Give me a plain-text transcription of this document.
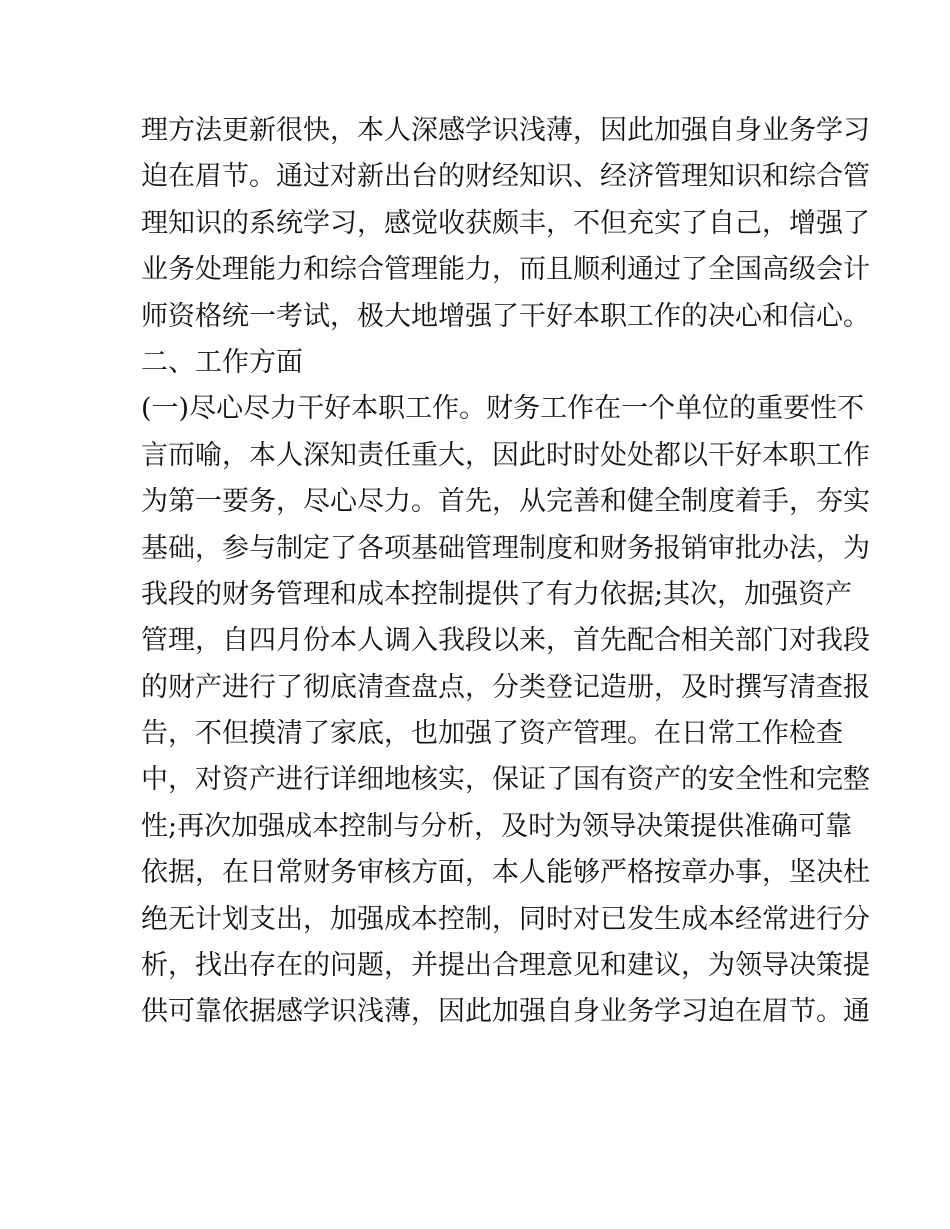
理方法更新很快，本人深感学识浅薄，因此加强自身业务学习
迫在眉节。通过对新出台的财经知识、经济管理知识和综合管
理知识的系统学习，感觉收获颇丰，不但充实了自己，增强了
业务处理能力和综合管理能力，而且顺利通过了全国高级会计
师资格统一考试，极大地增强了干好本职工作的决心和信心。
二、工作方面
(一)尽心尽力干好本职工作。财务工作在一个单位的重要性不
言而喻，本人深知责任重大，因此时时处处都以干好本职工作
为第一要务，尽心尽力。首先，从完善和健全制度着手，夯实
基础，参与制定了各项基础管理制度和财务报销审批办法，为
我段的财务管理和成本控制提供了有力依据;其次，加强资产
管理，自四月份本人调入我段以来，首先配合相关部门对我段
的财产进行了彻底清查盘点，分类登记造册，及时撰写清查报
告，不但摸清了家底，也加强了资产管理。在日常工作检查
中，对资产进行详细地核实，保证了国有资产的安全性和完整
性;再次加强成本控制与分析，及时为领导决策提供准确可靠
依据，在日常财务审核方面，本人能够严格按章办事，坚决杜
绝无计划支出，加强成本控制，同时对已发生成本经常进行分
析，找出存在的问题，并提出合理意见和建议，为领导决策提
供可靠依据感学识浅薄，因此加强自身业务学习迫在眉节。通
